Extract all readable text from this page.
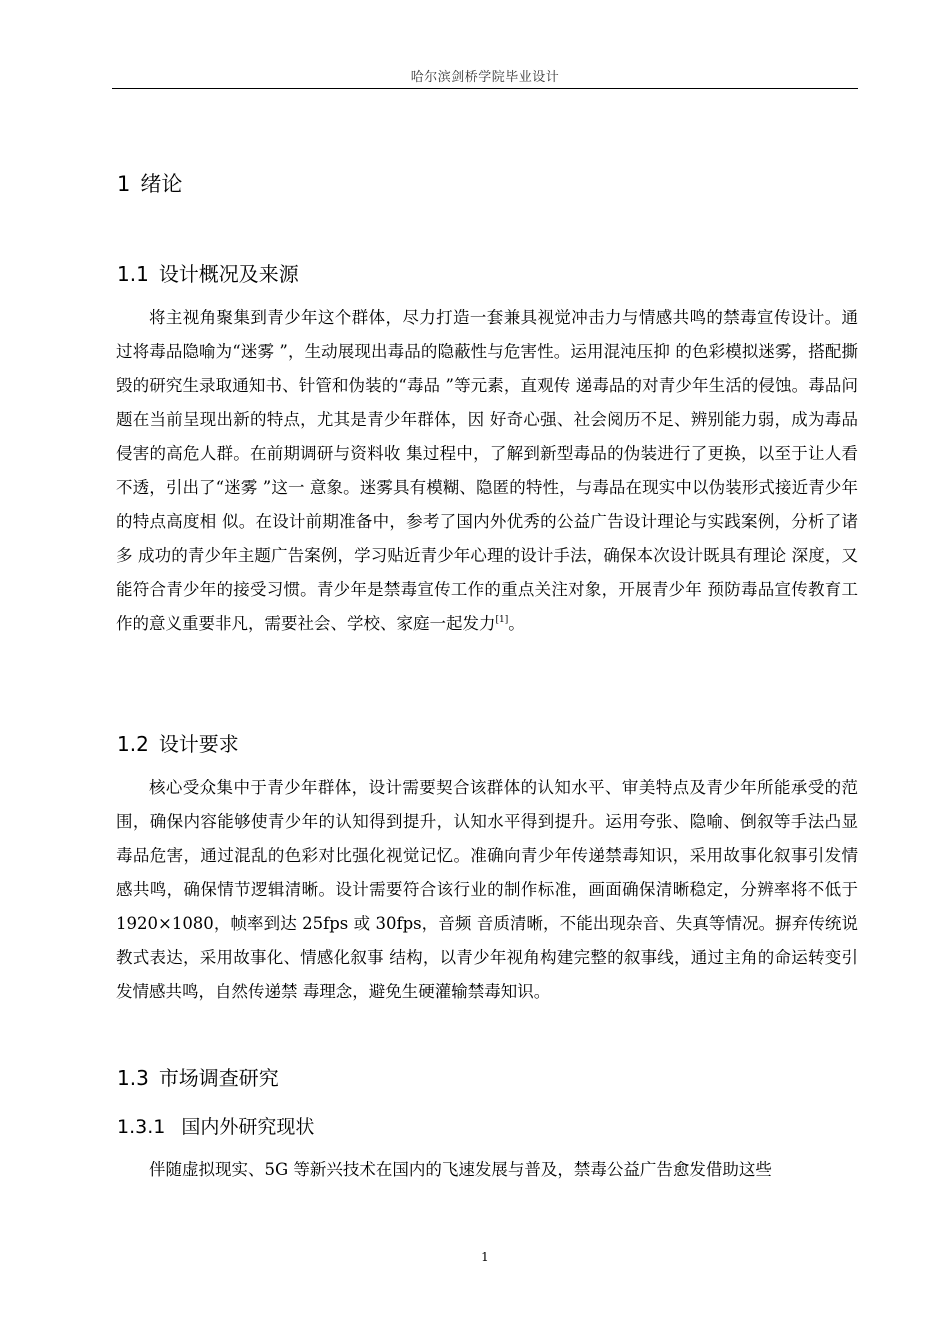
哈尔滨剑桥学院毕业设计
1 绪论
1.1 设计概况及来源

将主视角聚集到青少年这个群体，尽力打造一套兼具视觉冲击力与情感共鸣的禁毒宣传设计。通过将毒品隐喻为“迷雾 ”，生动展现出毒品的隐蔽性与危害性。运用混沌压抑 的色彩模拟迷雾，搭配撕毁的研究生录取通知书、针管和伪装的“毒品 ”等元素，直观传 递毒品的对青少年生活的侵蚀。毒品问题在当前呈现出新的特点，尤其是青少年群体，因 好奇心强、社会阅历不足、辨别能力弱，成为毒品侵害的高危人群。在前期调研与资料收 集过程中，了解到新型毒品的伪装进行了更换，以至于让人看不透，引出了“迷雾 ”这一 意象。迷雾具有模糊、隐匿的特性，与毒品在现实中以伪装形式接近青少年的特点高度相 似。在设计前期准备中，参考了国内外优秀的公益广告设计理论与实践案例，分析了诸多 成功的青少年主题广告案例，学习贴近青少年心理的设计手法，确保本次设计既具有理论 深度，又能符合青少年的接受习惯。青少年是禁毒宣传工作的重点关注对象，开展青少年 预防毒品宣传教育工作的意义重要非凡，需要社会、学校、家庭一起发力[1]。

1.2 设计要求

核心受众集中于青少年群体，设计需要契合该群体的认知水平、审美特点及青少年所能承受的范围，确保内容能够使青少年的认知得到提升，认知水平得到提升。运用夸张、隐喻、倒叙等手法凸显毒品危害，通过混乱的色彩对比强化视觉记忆。准确向青少年传递禁毒知识，采用故事化叙事引发情感共鸣，确保情节逻辑清晰。设计需要符合该行业的制作标准，画面确保清晰稳定，分辨率将不低于 1920×1080，帧率到达 25fps 或 30fps，音频 音质清晰，不能出现杂音、失真等情况。摒弃传统说教式表达，采用故事化、情感化叙事 结构，以青少年视角构建完整的叙事线，通过主角的命运转变引发情感共鸣，自然传递禁 毒理念，避免生硬灌输禁毒知识。

1.3 市场调查研究
1.3.1 国内外研究现状

伴随虚拟现实、5G 等新兴技术在国内的飞速发展与普及，禁毒公益广告愈发借助这些

1
